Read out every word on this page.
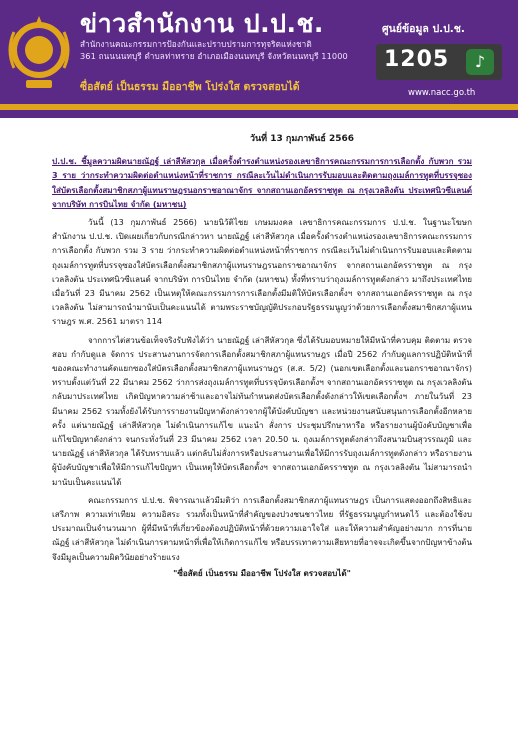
ข่าวสำนักงาน ป.ป.ช.
สำนักงานคณะกรรมการป้องกันและปราบปรามการทุจริตแห่งชาติ
361 ถนนนนทบุรี ตำบลท่าทราย อำเภอเมืองนนทบุรี จังหวัดนนทบุรี 11000
ซื่อสัตย์ เป็นธรรม มืออาชีพ โปร่งใส ตรวจสอบได้
ศูนย์ข้อมูล ป.ป.ช.
1205	♪
www.nacc.go.th
วันที่ 13 กุมภาพันธ์ 2566
ป.ป.ช. ชี้มูลความผิดนายณัฏฐ์ เล่าสีหัสวกุล เมื่อครั้งดำรงตำแหน่งรองเลขาธิการคณะกรรมการการเลือกตั้ง กับพวก รวม 3 ราย ว่ากระทำความผิดต่อตำแหน่งหน้าที่ราชการ กรณีละเว้นไม่ดำเนินการรับมอบและติดตามถุงเมล์การทูตที่บรรจุซองใส่บัตรเลือกตั้งสมาชิกสภาผู้แทนราษฎรนอกราชอาณาจักร จากสถานเอกอัครราชทูต ณ กรุงเวลลิงตัน ประเทศนิวซีแลนด์ จากบริษัท การบินไทย จำกัด (มหาชน)

วันนี้ (13 กุมภาพันธ์ 2566) นายนิวัติไชย เกษมมงคล เลขาธิการคณะกรรมการ ป.ป.ช. ในฐานะโฆษกสำนักงาน ป.ป.ช. เปิดเผยเกี่ยวกับกรณีกล่าวหา นายณัฏฐ์ เล่าสีหัสวกุล เมื่อครั้งดำรงตำแหน่งรองเลขาธิการคณะกรรมการการเลือกตั้ง กับพวก รวม 3 ราย ว่ากระทำความผิดต่อตำแหน่งหน้าที่ราชการ กรณีละเว้นไม่ดำเนินการรับมอบและติดตามถุงเมล์การทูตที่บรรจุซองใส่บัตรเลือกตั้งสมาชิกสภาผู้แทนราษฎรนอกราชอาณาจักร จากสถานเอกอัครราชทูต ณ กรุงเวลลิงตัน ประเทศนิวซีแลนด์ จากบริษัท การบินไทย จำกัด (มหาชน) ทั้งที่ทราบว่าถุงเมล์การทูตดังกล่าว มาถึงประเทศไทย เมื่อวันที่ 23 มีนาคม 2562 เป็นเหตุให้คณะกรรมการการเลือกตั้งมีมติให้บัตรเลือกตั้งฯ จากสถานเอกอัครราชทูต ณ กรุงเวลลิงตัน ไม่สามารถนำมานับเป็นคะแนนได้ ตามพระราชบัญญัติประกอบรัฐธรรมนูญว่าด้วยการเลือกตั้งสมาชิกสภาผู้แทนราษฎร พ.ศ. 2561 มาตรา 114

จากการไต่สวนข้อเท็จจริงรับฟังได้ว่า นายณัฏฐ์ เล่าสีหัสวกุล ซึ่งได้รับมอบหมายให้มีหน้าที่ควบคุม ติดตาม ตรวจสอบ กำกับดูแล จัดการ ประสานงานการจัดการเลือกตั้งสมาชิกสภาผู้แทนราษฎร เมื่อปี 2562 กำกับดูแลการปฏิบัติหน้าที่ของคณะทำงานคัดแยกซองใส่บัตรเลือกตั้งสมาชิกสภาผู้แทนราษฎร (ส.ส. 5/2) (นอกเขตเลือกตั้งและนอกราชอาณาจักร) ทราบตั้งแต่วันที่ 22 มีนาคม 2562 ว่าการส่งถุงเมล์การทูตที่บรรจุบัตรเลือกตั้งฯ จากสถานเอกอัครราชทูต ณ กรุงเวลลิงตัน กลับมาประเทศไทย เกิดปัญหาความล่าช้าและอาจไม่ทันกำหนดส่งบัตรเลือกตั้งดังกล่าวให้เขตเลือกตั้งฯ ภายในวันที่ 23 มีนาคม 2562 รวมทั้งยังได้รับการรายงานปัญหาดังกล่าวจากผู้ใต้บังคับบัญชา และหน่วยงานสนับสนุนการเลือกตั้งอีกหลายครั้ง แต่นายณัฏฐ์ เล่าสีหัสวกุล ไม่ดำเนินการแก้ไข แนะนำ สั่งการ ประชุมปรึกษาหารือ หรือรายงานผู้บังคับบัญชาเพื่อแก้ไขปัญหาดังกล่าว จนกระทั่งวันที่ 23 มีนาคม 2562 เวลา 20.50 น. ถุงเมล์การทูตดังกล่าวถึงสนามบินสุวรรณภูมิ และนายณัฏฐ์ เล่าสีหัสวกุล ได้รับทราบแล้ว แต่กลับไม่สั่งการหรือประสานงานเพื่อให้มีการรับถุงเมล์การทูตดังกล่าว หรือรายงานผู้บังคับบัญชาเพื่อให้มีการแก้ไขปัญหา เป็นเหตุให้บัตรเลือกตั้งฯ จากสถานเอกอัครราชทูต ณ กรุงเวลลิงตัน ไม่สามารถนำมานับเป็นคะแนนได้

คณะกรรมการ ป.ป.ช. พิจารณาแล้วมีมติว่า การเลือกตั้งสมาชิกสภาผู้แทนราษฎร เป็นการแสดงออกถึงสิทธิและเสรีภาพ ความเท่าเทียม ความอิสระ รวมทั้งเป็นหน้าที่สำคัญของปวงชนชาวไทย ที่รัฐธรรมนูญกำหนดไว้ และต้องใช้งบประมาณเป็นจำนวนมาก ผู้ที่มีหน้าที่เกี่ยวข้องต้องปฏิบัติหน้าที่ด้วยความเอาใจใส่ และให้ความสำคัญอย่างมาก การที่นายณัฏฐ์ เล่าสีหัสวกุล ไม่ดำเนินการตามหน้าที่เพื่อให้เกิดการแก้ไข หรือบรรเทาความเสียหายที่อาจจะเกิดขึ้นจากปัญหาข้างต้น จึงมีมูลเป็นความผิดวินัยอย่างร้ายแรง

"ซื่อสัตย์ เป็นธรรม มืออาชีพ โปร่งใส ตรวจสอบได้"
